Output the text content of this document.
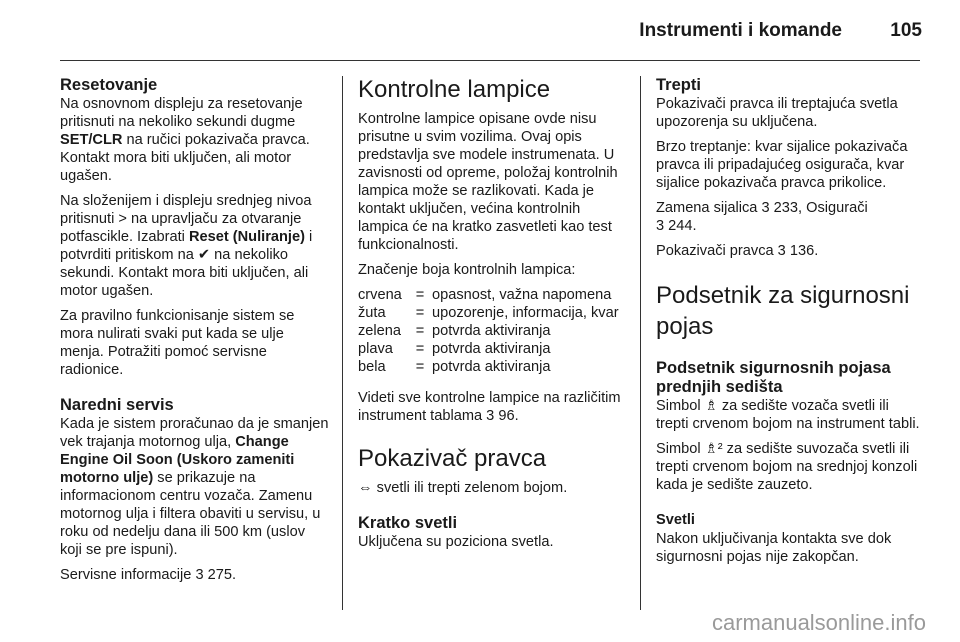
Instrumenti i komande	105
Resetovanje

Na osnovnom displeju za resetovanje pritisnuti na nekoliko sekundi dugme SET/CLR na ručici pokazivača pravca. Kontakt mora biti uključen, ali motor ugašen.

Na složenijem i displeju srednjeg nivoa pritisnuti > na upravljaču za otvaranje potfascikle. Izabrati Reset (Nuliranje) i potvrditi pritiskom na ✔ na nekoliko sekundi. Kontakt mora biti uključen, ali motor ugašen.

Za pravilno funkcionisanje sistem se mora nulirati svaki put kada se ulje menja. Potražiti pomoć servisne radionice.

Naredni servis

Kada je sistem proračunao da je smanjen vek trajanja motornog ulja, Change Engine Oil Soon (Uskoro zameniti motorno ulje) se prikazuje na informacionom centru vozača. Zamenu motornog ulja i filtera obaviti u servisu, u roku od nedelju dana ili 500 km (uslov koji se pre ispuni).

Servisne informacije 3 275.

Kontrolne lampice

Kontrolne lampice opisane ovde nisu prisutne u svim vozilima. Ovaj opis predstavlja sve modele instrumenata. U zavisnosti od opreme, položaj kontrolnih lampica može se razlikovati. Kada je kontakt uključen, većina kontrolnih lampica će na kratko zasvetleti kao test funkcionalnosti.

Značenje boja kontrolnih lampica:

crvena	=	opasnost, važna napomena
žuta	=	upozorenje, informacija, kvar
zelena	=	potvrda aktiviranja
plava	=	potvrda aktiviranja
bela	=	potvrda aktiviranja

Videti sve kontrolne lampice na različitim instrument tablama 3 96.

Pokazivač pravca

⇔ svetli ili trepti zelenom bojom.

Kratko svetli

Uključena su poziciona svetla.

Trepti

Pokazivači pravca ili treptajuća svetla upozorenja su uključena.

Brzo treptanje: kvar sijalice pokazivača pravca ili pripadajućeg osigurača, kvar sijalice pokazivača pravca prikolice.

Zamena sijalica 3 233, Osigurači
3 244.

Pokazivači pravca 3 136.

Podsetnik za sigurnosni pojas
Podsetnik sigurnosnih pojasa prednjih sedišta

Simbol ♗ za sedište vozača svetli ili trepti crvenom bojom na instrument tabli.

Simbol ♗² za sedište suvozača svetli ili trepti crvenom bojom na srednjoj konzoli kada je sedište zauzeto.

Svetli

Nakon uključivanja kontakta sve dok sigurnosni pojas nije zakopčan.

carmanualsonline.info
